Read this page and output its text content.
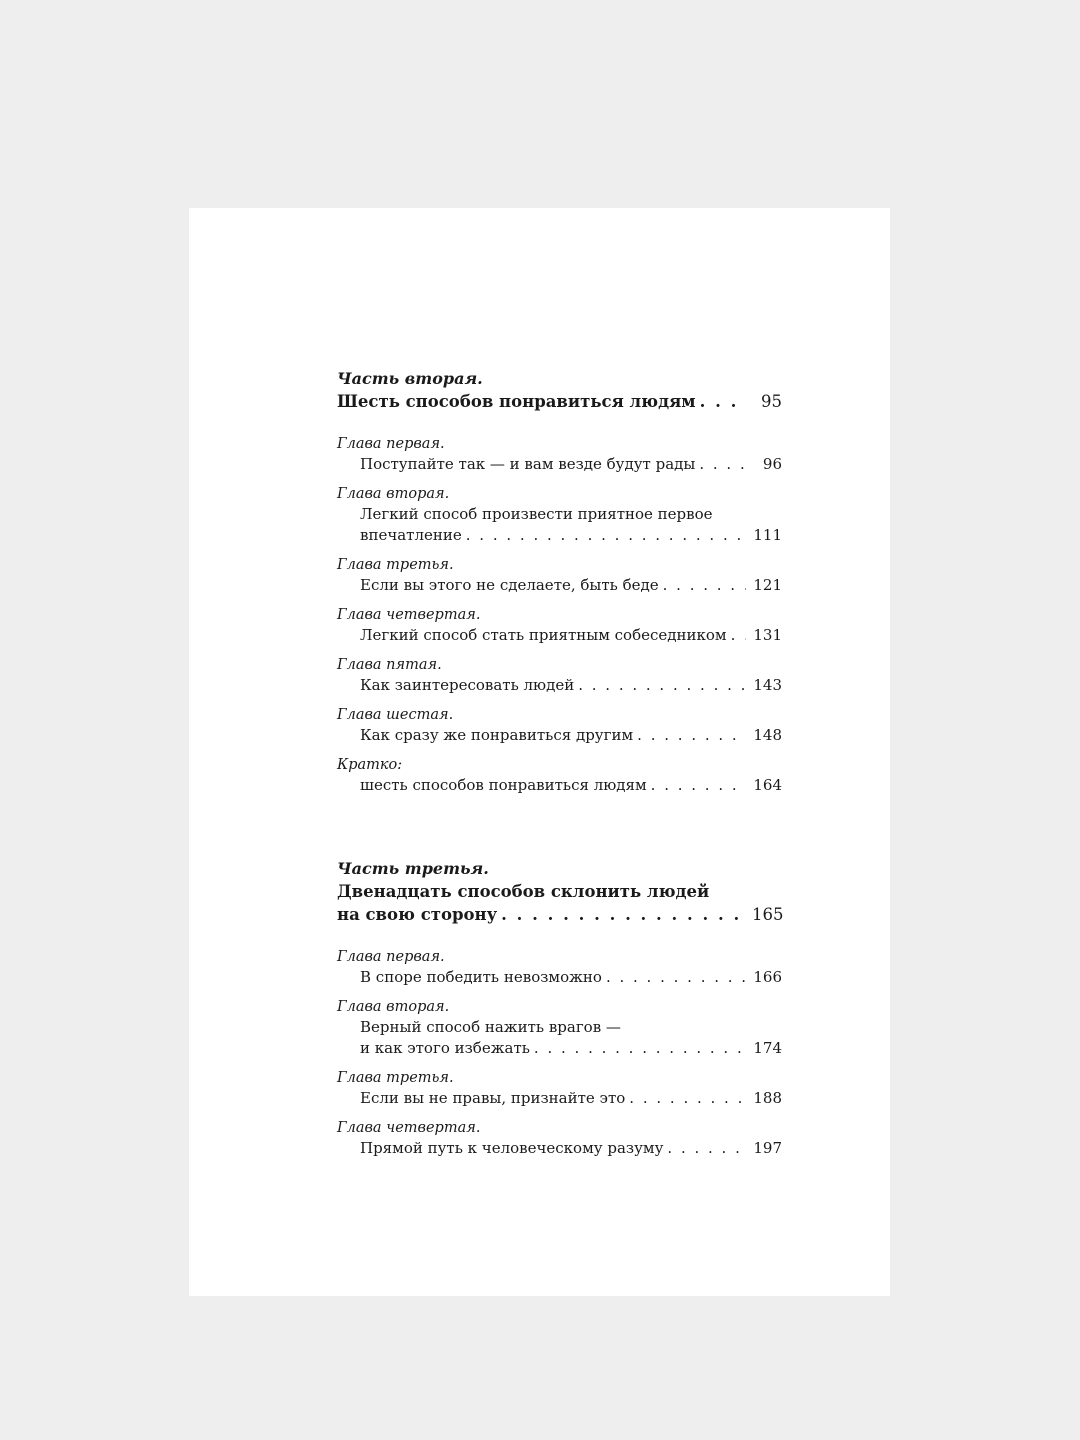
Часть вторая.
Шесть способов понравиться людям . . .	95
Глава первая.
Поступайте так — и вам везде будут рады . . .	96
Глава вторая.
Легкий способ произвести приятное первое
впечатление . . .	111
Глава третья.
Если вы этого не сделаете, быть беде . . .	121
Глава четвертая.
Легкий способ стать приятным собеседником . . . 131
Глава пятая.
Как заинтересовать людей . . .	143
Глава шестая.
Как сразу же понравиться другим . . .	148
Кратко:
шесть способов понравиться людям . . .	164
Часть третья.
Двенадцать способов склонить людей
на свою сторону . . .	165
Глава первая.
В споре победить невозможно . . .	166
Глава вторая.
Верный способ нажить врагов —
и как этого избежать . . .	174
Глава третья.
Если вы не правы, признайте это . . .	188
Глава четвертая.
Прямой путь к человеческому разуму . . .	197
